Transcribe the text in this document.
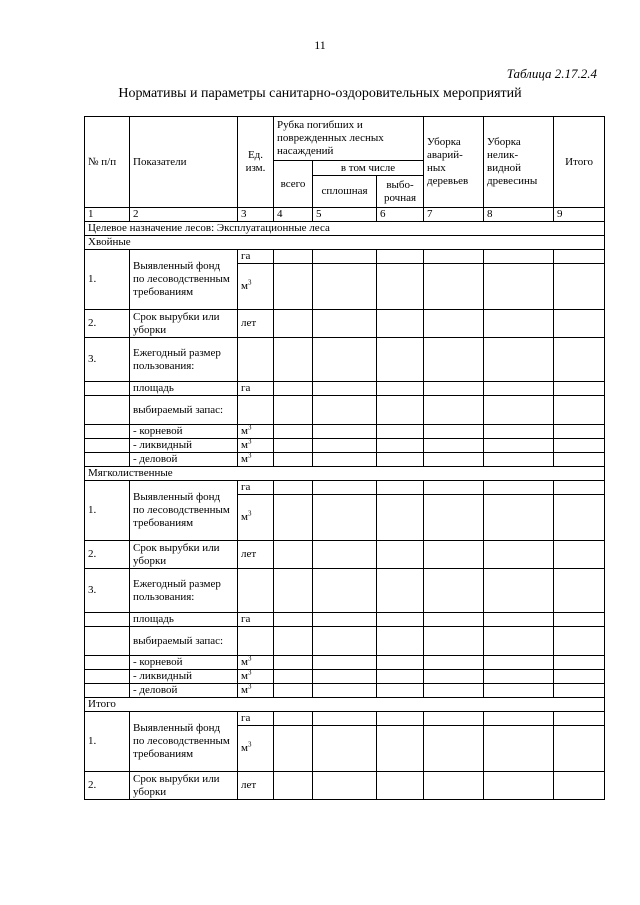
11
Таблица 2.17.2.4
Нормативы и параметры санитарно-оздоровительных мероприятий
№ п/п	Показатели	Ед. изм.	Рубка погибших и поврежденных лесных насаждений			Уборка аварий-ных деревьев	Уборка нелик-видной древесины	Итого
			всего	в том числе				
				сплошная	выбо-рочная			
1	2	3	4	5	6	7	8	9
Целевое назначение лесов: Эксплуатационные леса								
Хвойные								
1.	Выявленный фонд по лесоводственным требованиям	га						
		$м^3$						
2.	Срок вырубки или уборки	лет						
3.	Ежегодный размер пользования:							
	площадь	га						
	выбираемый запас:							
	- корневой	$м^3$						
	- ликвидный	$м^3$						
	- деловой	$м^3$						
Мягколиственные								
1.	Выявленный фонд по лесоводственным требованиям	га						
		$м^3$						
2.	Срок вырубки или уборки	лет						
3.	Ежегодный размер пользования:							
	площадь	га						
	выбираемый запас:							
	- корневой	$м^3$						
	- ликвидный	$м^3$						
	- деловой	$м^3$						
Итого								
1.	Выявленный фонд по лесоводственным требованиям	га						
		$м^3$						
2.	Срок вырубки или уборки	лет						
